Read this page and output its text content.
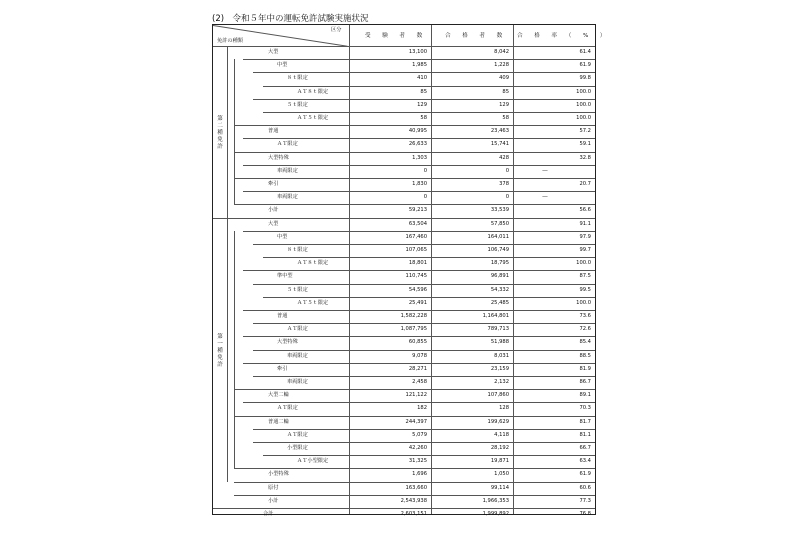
(2)　令和５年中の運転免許試験実施状況
区分
免許の種類
受　験　者　数	合　格　者　数 合　格　率　（　%　）
大型	13,100	8,042	61.4
中型	1,985	1,228	61.9
８ｔ限定	410	409	99.8
ＡＴ８ｔ限定	85	85	100.0
５ｔ限定	129	129	100.0
ＡＴ５ｔ限定	58	58	100.0
普通	40,995	23,463	57.2
ＡＴ限定	26,633	15,741	59.1
大型特殊	1,303	428	32.8
車両限定	0	0	―
牽引	1,830	378	20.7
車両限定	0	0	―
小計	59,213	33,539	56.6
大型	63,504	57,850	91.1
中型	167,460	164,011	97.9
８ｔ限定	107,065	106,749	99.7
ＡＴ８ｔ限定	18,801	18,795	100.0
準中型	110,745	96,891	87.5
５ｔ限定	54,596	54,332	99.5
ＡＴ５ｔ限定	25,491	25,485	100.0
普通	1,582,228	1,164,801	73.6
ＡＴ限定	1,087,795	789,713	72.6
大型特殊	60,855	51,988	85.4
車両限定	9,078	8,031	88.5
牽引	28,271	23,159	81.9
車両限定	2,458	2,132	86.7
大型二輪	121,122	107,860	89.1
ＡＴ限定	182	128	70.3
普通二輪	244,397	199,629	81.7
ＡＴ限定	5,079	4,118	81.1
小型限定	42,260	28,192	66.7
ＡＴ小型限定	31,325	19,871	63.4
小型特殊	1,696	1,050	61.9
原付	163,660	99,114	60.6
小計	2,543,938	1,966,353	77.3
第二種免許
第一種免許
合計	2,603,151	1,999,892	76.8
